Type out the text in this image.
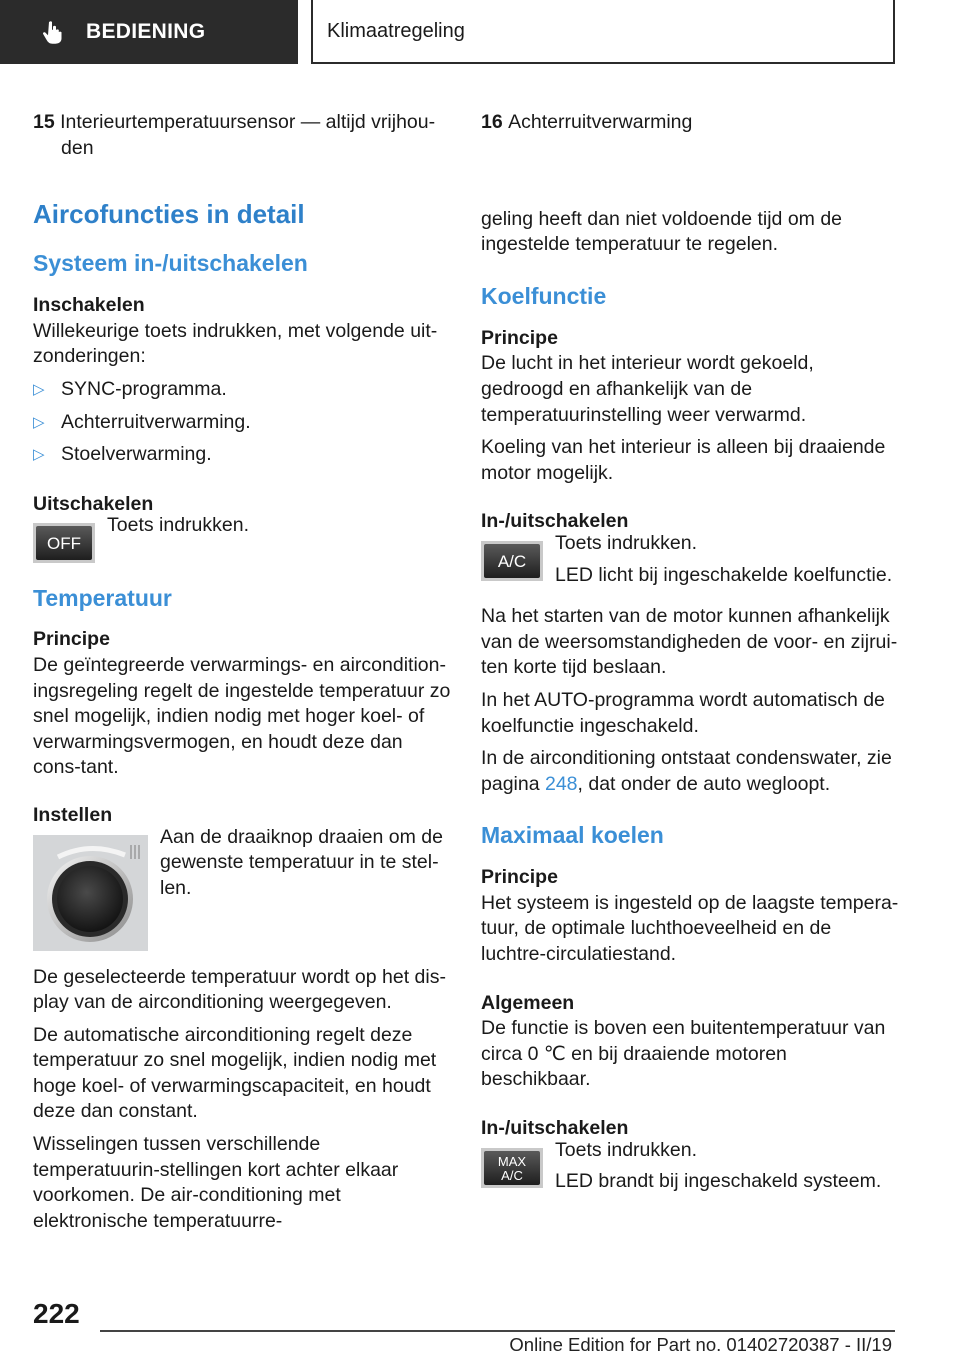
BEDIENING	Klimaatregeling

15 Interieurtemperatuursensor — altijd vrijhou-den

Aircofuncties in detail
Systeem in-/uitschakelen
Inschakelen

Willekeurige toets indrukken, met volgende uit-zonderingen:

▷ SYNC-programma.
▷ Achterruitverwarming.
▷ Stoelverwarming.
Uitschakelen
OFF

Toets indrukken.

Temperatuur
Principe

De geïntegreerde verwarmings- en aircondition-ingsregeling regelt de ingestelde temperatuur zo snel mogelijk, indien nodig met hoger koel- of verwarmingsvermogen, en houdt deze dan cons-tant.

Instellen

Aan de draaiknop draaien om de gewenste temperatuur in te stel-len.

De geselecteerde temperatuur wordt op het dis-play van de airconditioning weergegeven.

De automatische airconditioning regelt deze temperatuur zo snel mogelijk, indien nodig met hoge koel- of verwarmingscapaciteit, en houdt deze dan constant.

Wisselingen tussen verschillende temperatuurin-stellingen kort achter elkaar voorkomen. De air-conditioning met elektronische temperatuurre-

16 Achterruitverwarming

geling heeft dan niet voldoende tijd om de ingestelde temperatuur te regelen.

Koelfunctie
Principe

De lucht in het interieur wordt gekoeld, gedroogd en afhankelijk van de temperatuurinstelling weer verwarmd.

Koeling van het interieur is alleen bij draaiende motor mogelijk.

In-/uitschakelen
A/C

Toets indrukken.

LED licht bij ingeschakelde koelfunctie.

Na het starten van de motor kunnen afhankelijk van de weersomstandigheden de voor- en zijrui-ten korte tijd beslaan.

In het AUTO-programma wordt automatisch de koelfunctie ingeschakeld.

In de airconditioning ontstaat condenswater, zie pagina 248, dat onder de auto wegloopt.

Maximaal koelen
Principe

Het systeem is ingesteld op de laagste tempera-tuur, de optimale luchthoeveelheid en de luchtre-circulatiestand.

Algemeen

De functie is boven een buitentemperatuur van circa 0 ℃ en bij draaiende motoren beschikbaar.

In-/uitschakelen
MAX
A/C

Toets indrukken.

LED brandt bij ingeschakeld systeem.

222
Online Edition for Part no. 01402720387 - II/19
